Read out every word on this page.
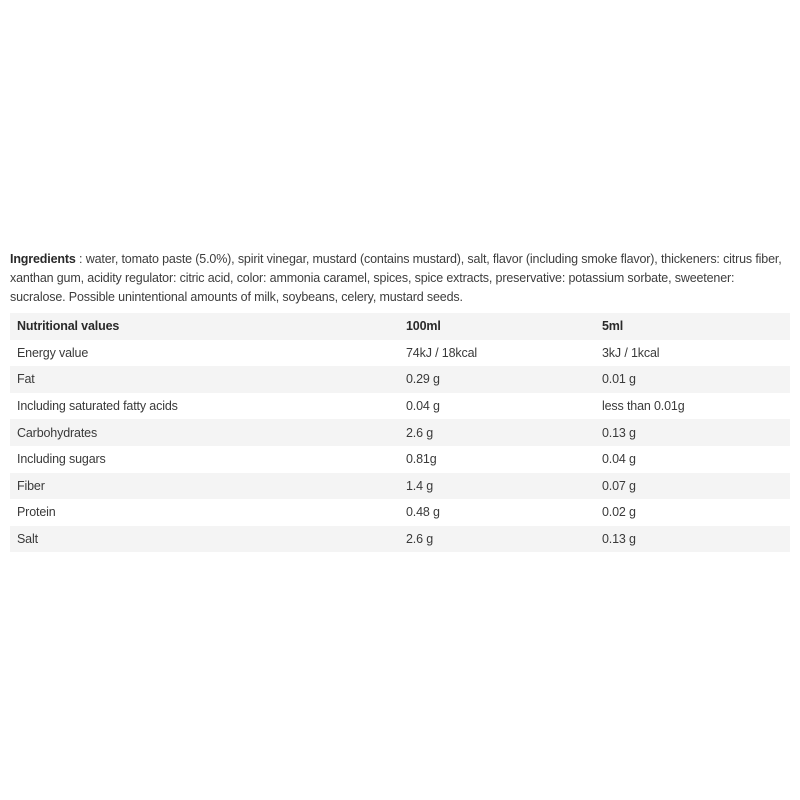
Ingredients : water, tomato paste (5.0%), spirit vinegar, mustard (contains mustard), salt, flavor (including smoke flavor), thickeners: citrus fiber, xanthan gum, acidity regulator: citric acid, color: ammonia caramel, spices, spice extracts, preservative: potassium sorbate, sweetener: sucralose. Possible unintentional amounts of milk, soybeans, celery, mustard seeds.

Nutritional values	100ml	5ml
Energy value	74kJ / 18kcal	3kJ / 1kcal
Fat	0.29 g	0.01 g
Including saturated fatty acids	0.04 g	less than 0.01g
Carbohydrates	2.6 g	0.13 g
Including sugars	0.81g	0.04 g
Fiber	1.4 g	0.07 g
Protein	0.48 g	0.02 g
Salt	2.6 g	0.13 g
